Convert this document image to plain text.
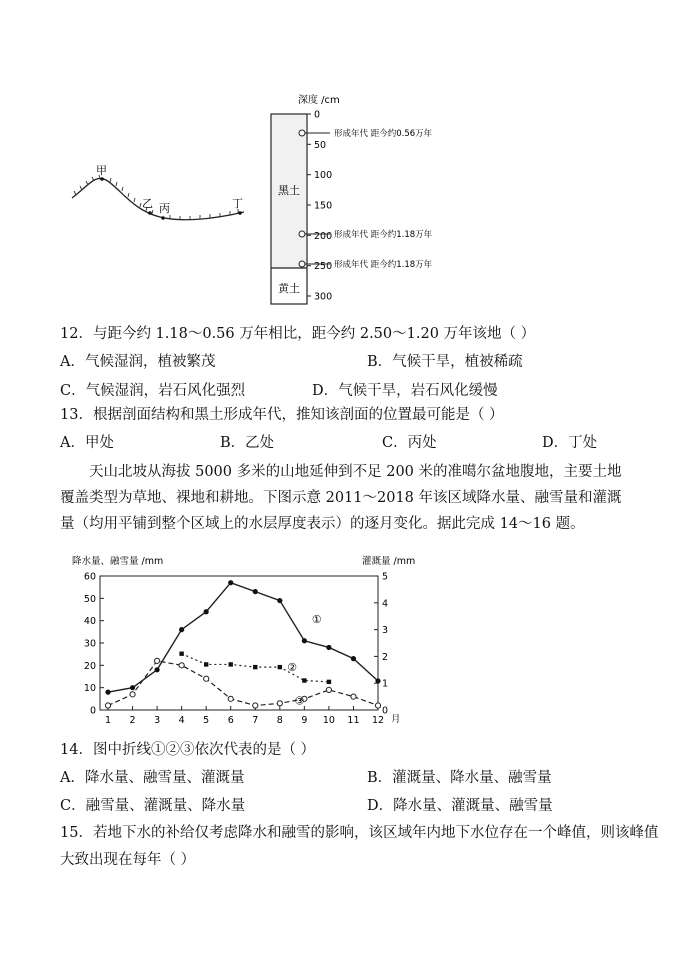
甲
乙 丙	丁
深度 /cm
黑土
黄土
0
50
100
150
200
250
300
形成年代 距今约0.56万年
形成年代 距今约1.18万年
形成年代 距今约1.18万年
12．与距今约 1.18～0.56 万年相比，距今约 2.50～1.20 万年该地（ ）
A．气候湿润，植被繁茂	B．气候干旱，植被稀疏
C．气候湿润，岩石风化强烈	D．气候干旱，岩石风化缓慢
13．根据剖面结构和黑土形成年代，推知该剖面的位置最可能是（ ）
A．甲处	B．乙处	C．丙处	D．丁处
天山北坡从海拔 5000 多米的山地延伸到不足 200 米的准噶尔盆地腹地，主要土地覆盖类型为草地、裸地和耕地。下图示意 2011～2018 年该区域降水量、融雪量和灌溉量（均用平铺到整个区域上的水层厚度表示）的逐月变化。据此完成 14～16 题。
降水量、融雪量 /mm	灌溉量 /mm
月
0
10
20
30
40
50
60
0
1
2
3
4
5
1 2 3 4 5 6 7 8 9 10 11 12
①
②
③
14．图中折线①②③依次代表的是（ ）
A．降水量、融雪量、灌溉量	B．灌溉量、降水量、融雪量
C．融雪量、灌溉量、降水量	D．降水量、灌溉量、融雪量
15．若地下水的补给仅考虑降水和融雪的影响，该区域年内地下水位存在一个峰值，则该峰值
大致出现在每年（ ）
